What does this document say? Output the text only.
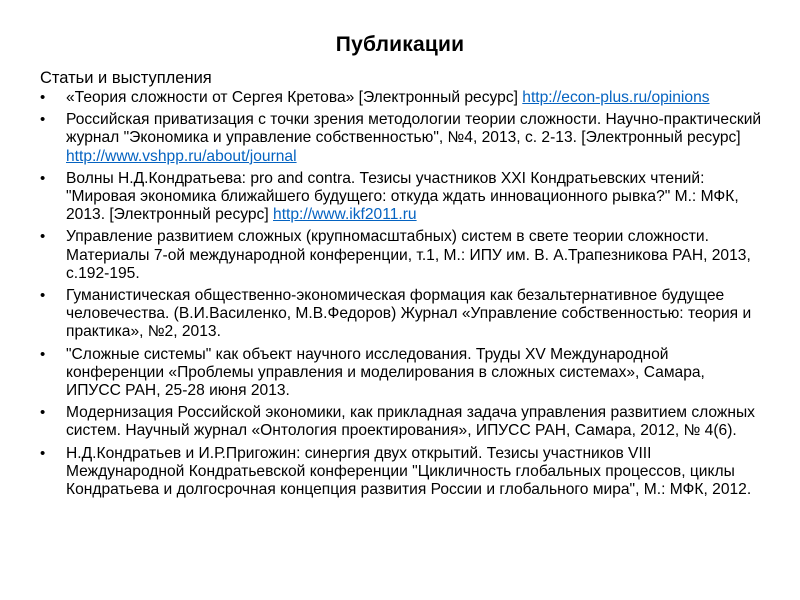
Публикации
Статьи и выступления
•	«Теория сложности от Сергея Кретова» [Электронный ресурс] http://econ-plus.ru/opinions
•	Российская приватизация с точки зрения методологии теории сложности. Научно-практический журнал "Экономика и управление собственностью", №4, 2013, с. 2-13. [Электронный ресурс] http://www.vshpp.ru/about/journal
•	Волны Н.Д.Кондратьева: pro and contra. Тезисы участников XXI Кондратьевских чтений: "Мировая экономика ближайшего будущего: откуда ждать инновационного рывка?" М.: МФК, 2013. [Электронный ресурс] http://www.ikf2011.ru
•	Управление развитием сложных (крупномасштабных) систем в свете теории сложности. Материалы 7-ой международной конференции, т.1, М.: ИПУ им. В. А.Трапезникова РАН, 2013, с.192-195.
•	Гуманистическая общественно-экономическая формация как безальтернативное будущее человечества. (В.И.Василенко, М.В.Федоров) Журнал «Управление собственностью: теория и практика», №2, 2013.
•	"Сложные системы" как объект научного исследования. Труды XV Международной конференции «Проблемы управления и моделирования в сложных системах», Самара, ИПУСС РАН, 25-28 июня 2013.
•	Модернизация Российской экономики, как прикладная задача управления развитием сложных систем. Научный журнал «Онтология проектирования», ИПУСС РАН, Самара, 2012, № 4(6).
•	Н.Д.Кондратьев и И.Р.Пригожин: синергия двух открытий. Тезисы участников VIII Международной Кондратьевской конференции "Цикличность глобальных процессов, циклы Кондратьева и долгосрочная концепция развития России и глобального мира", М.: МФК, 2012.
